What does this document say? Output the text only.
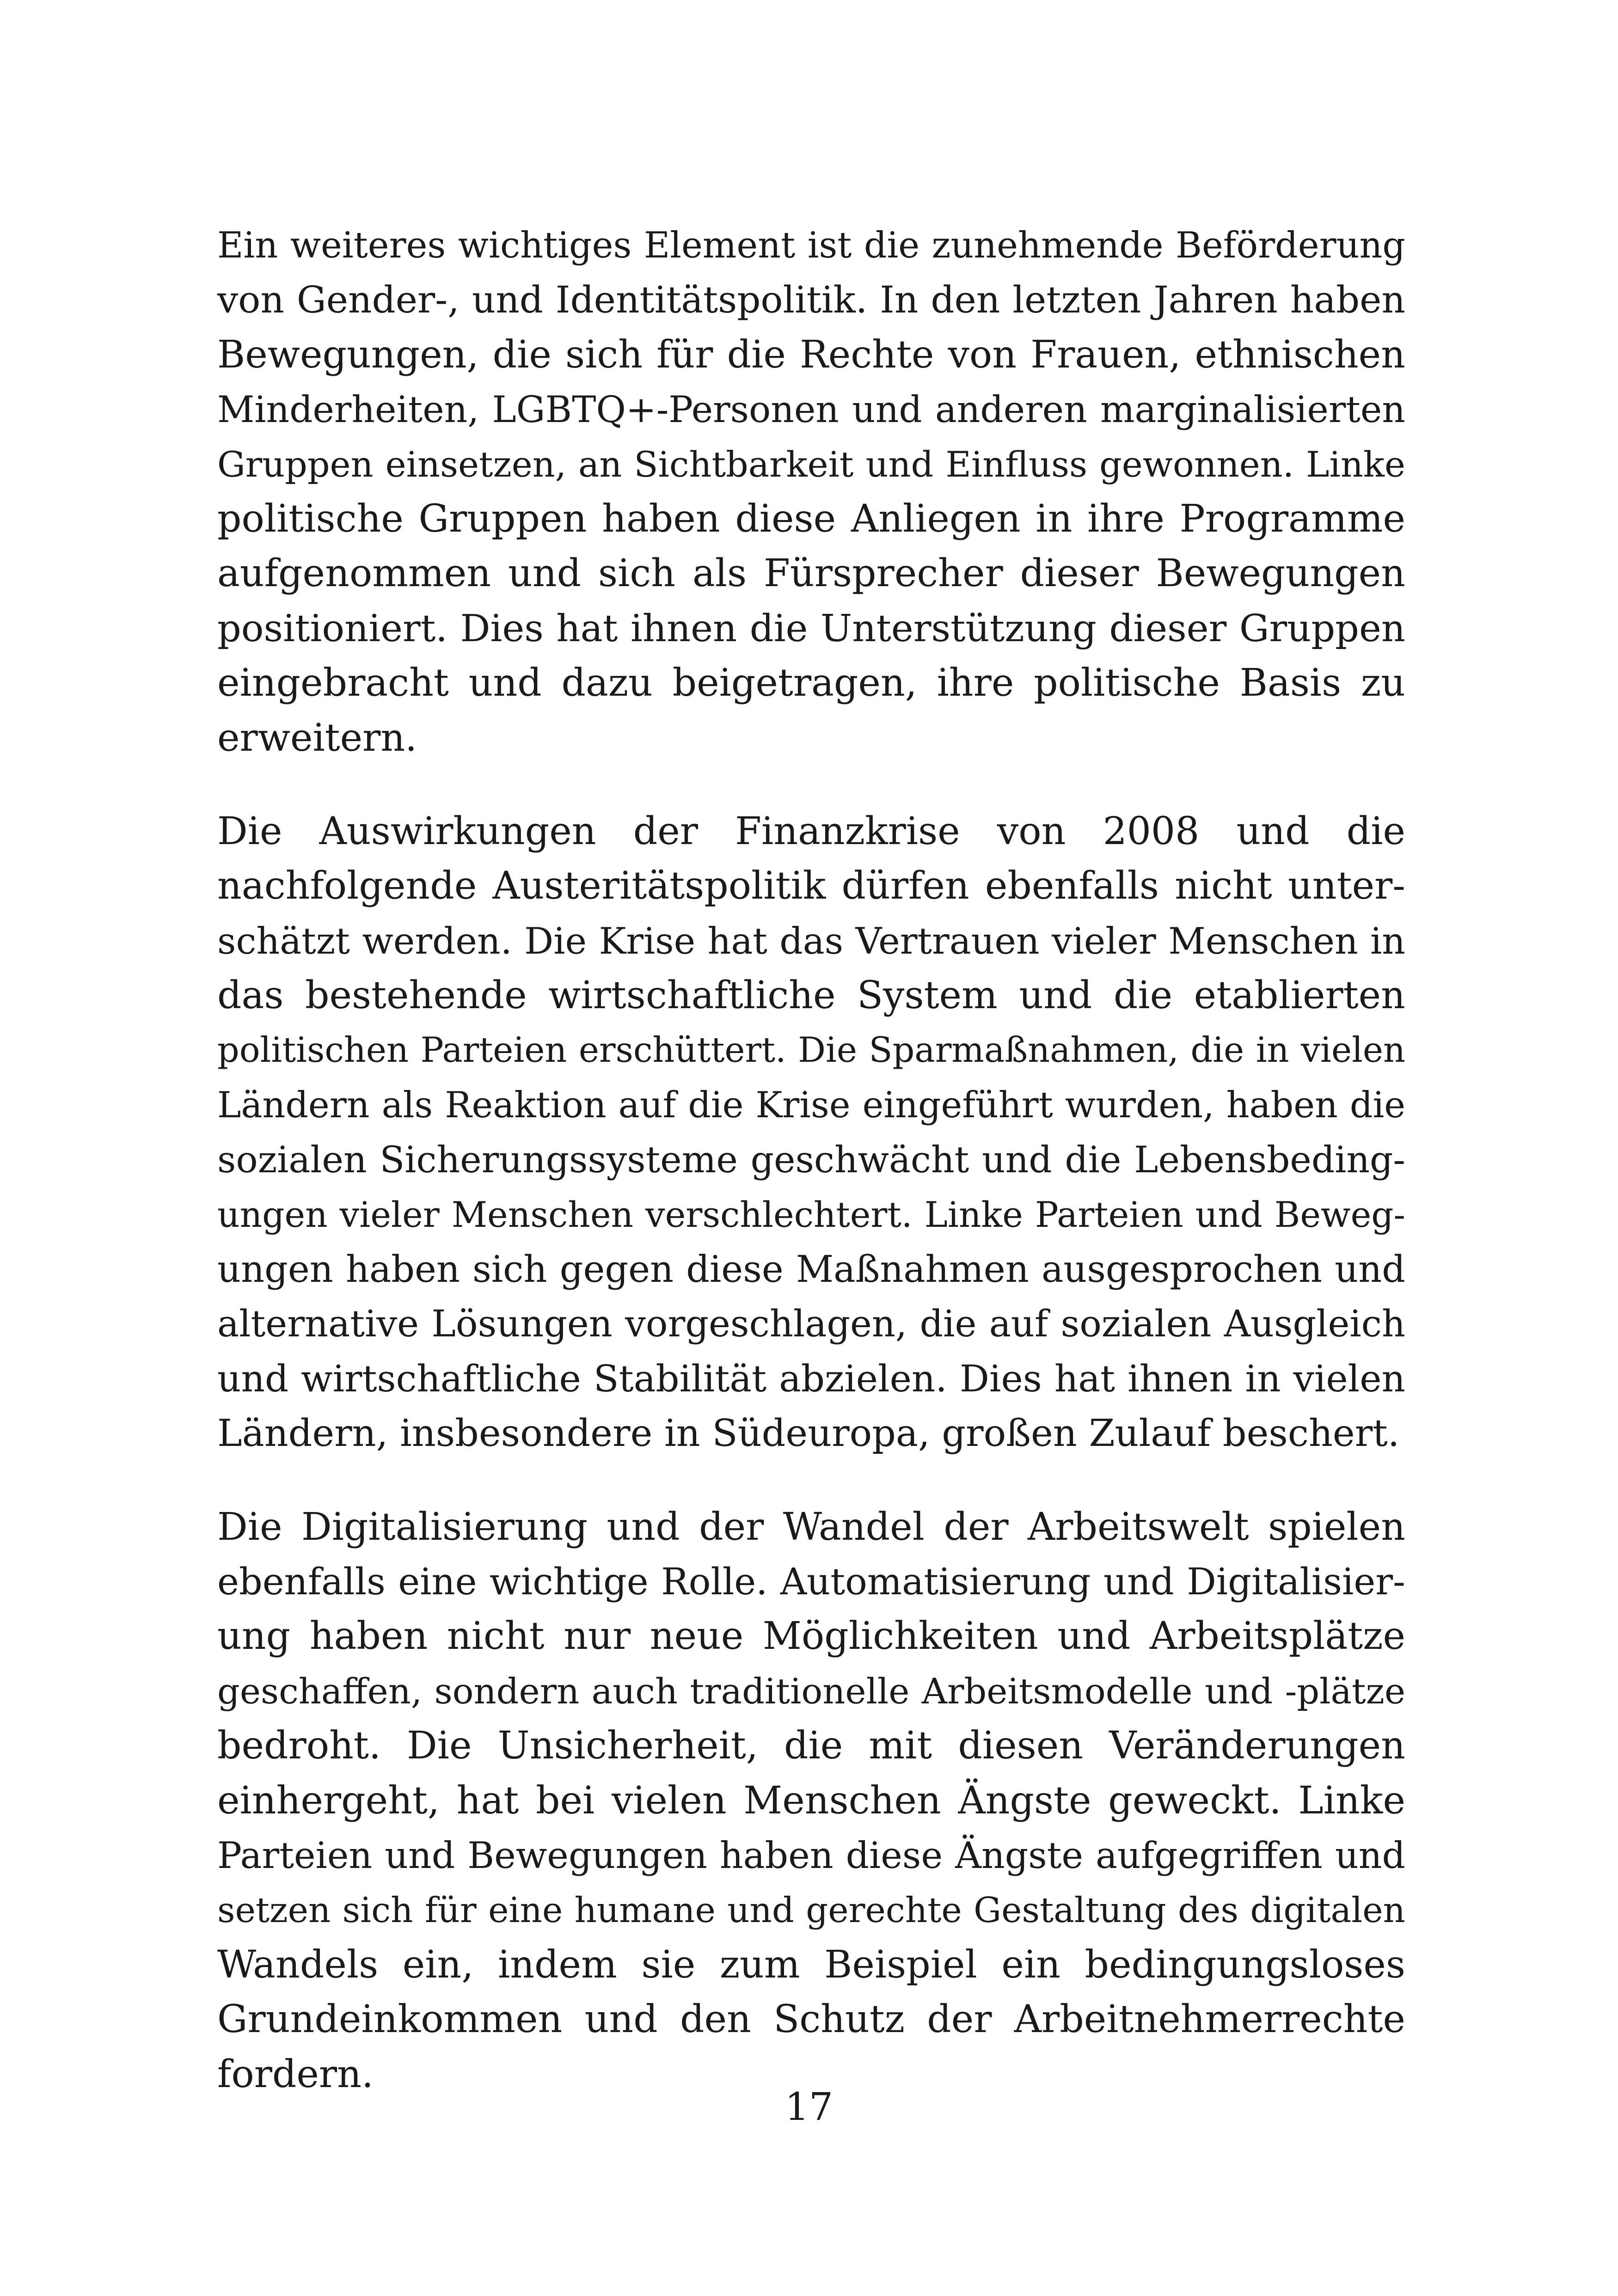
Ein weiteres wichtiges Element ist die zunehmende Beförderung
von Gender-, und Identitätspolitik. In den letzten Jahren haben
Bewegungen, die sich für die Rechte von Frauen, ethnischen
Minderheiten, LGBTQ+-Personen und anderen marginalisierten
Gruppen einsetzen, an Sichtbarkeit und Einfluss gewonnen. Linke
politische Gruppen haben diese Anliegen in ihre Programme
aufgenommen und sich als Fürsprecher dieser Bewegungen
positioniert. Dies hat ihnen die Unterstützung dieser Gruppen
eingebracht und dazu beigetragen, ihre politische Basis zu
erweitern.
Die Auswirkungen der Finanzkrise von 2008 und die
nachfolgende Austeritätspolitik dürfen ebenfalls nicht unter-
schätzt werden. Die Krise hat das Vertrauen vieler Menschen in
das bestehende wirtschaftliche System und die etablierten
politischen Parteien erschüttert. Die Sparmaßnahmen, die in vielen
Ländern als Reaktion auf die Krise eingeführt wurden, haben die
sozialen Sicherungssysteme geschwächt und die Lebensbeding-
ungen vieler Menschen verschlechtert. Linke Parteien und Beweg-
ungen haben sich gegen diese Maßnahmen ausgesprochen und
alternative Lösungen vorgeschlagen, die auf sozialen Ausgleich
und wirtschaftliche Stabilität abzielen. Dies hat ihnen in vielen
Ländern, insbesondere in Südeuropa, großen Zulauf beschert.
Die Digitalisierung und der Wandel der Arbeitswelt spielen
ebenfalls eine wichtige Rolle. Automatisierung und Digitalisier-
ung haben nicht nur neue Möglichkeiten und Arbeitsplätze
geschaffen, sondern auch traditionelle Arbeitsmodelle und -plätze
bedroht. Die Unsicherheit, die mit diesen Veränderungen
einhergeht, hat bei vielen Menschen Ängste geweckt. Linke
Parteien und Bewegungen haben diese Ängste aufgegriffen und
setzen sich für eine humane und gerechte Gestaltung des digitalen
Wandels ein, indem sie zum Beispiel ein bedingungsloses
Grundeinkommen und den Schutz der Arbeitnehmerrechte
fordern.
17
